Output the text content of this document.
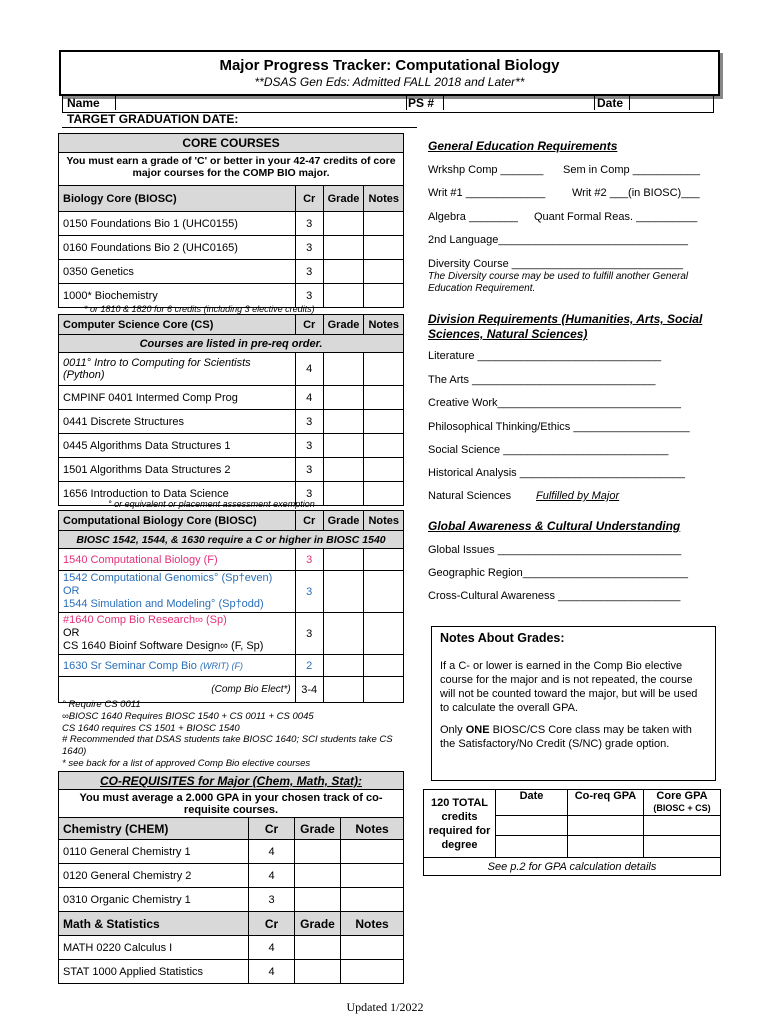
Major Progress Tracker: Computational Biology
**DSAS Gen Eds: Admitted FALL 2018 and Later**
Name	PS #	Date
TARGET GRADUATION DATE:
CORE COURSES
You must earn a grade of 'C' or better in your 42-47 credits of core major courses for the COMP BIO major.
Biology Core (BIOSC)	Cr	Grade	Notes
0150 Foundations Bio 1 (UHC0155)	3		
0160 Foundations Bio 2 (UHC0165)	3		
0350 Genetics	3		
1000* Biochemistry	3		
* or 1810 & 1820 for 6 credits (including 3 elective credits)
Computer Science Core (CS)	Cr	Grade	Notes
Courses are listed in pre-req order.			
0011° Intro to Computing for Scientists (Python)	4		
CMPINF 0401 Intermed Comp Prog	4		
0441 Discrete Structures	3		
0445 Algorithms Data Structures 1	3		
1501 Algorithms Data Structures 2	3		
1656 Introduction to Data Science	3		
° or equivalent or placement assessment exemption
Computational Biology Core (BIOSC)	Cr	Grade	Notes
BIOSC 1542, 1544, & 1630 require a C or higher in BIOSC 1540			
1540 Computational Biology (F)	3		
1542 Computational Genomics° (Sp†even)
OR
1544 Simulation and Modeling° (Sp†odd)	3		
#1640 Comp Bio Research∞ (Sp)
OR
CS 1640 Bioinf Software Design∞ (F, Sp)	3		
1630 Sr Seminar Comp Bio (WRIT) (F)	2		
(Comp Bio Elect*)	3-4		
° Require CS 0011
∞BIOSC 1640 Requires BIOSC 1540 + CS 0011 + CS 0045
CS 1640 requires CS 1501 + BIOSC 1540
# Recommended that DSAS students take BIOSC 1640; SCI students take CS 1640)
* see back for a list of approved Comp Bio elective courses
CO-REQUISITES for Major (Chem, Math, Stat):
You must average a 2.000 GPA in your chosen track of co-requisite courses.
Chemistry (CHEM)	Cr	Grade	Notes
0110 General Chemistry 1	4		
0120 General Chemistry 2	4		
0310 Organic Chemistry 1	3		
Math & Statistics	Cr	Grade	Notes
MATH 0220 Calculus I	4		
STAT 1000 Applied Statistics	4		
General Education Requirements
Wrkshp Comp _______ Sem in Comp ___________
Writ #1 _____________ Writ #2 ___(in BIOSC)___
Algebra ________ Quant Formal Reas. __________
2nd Language_______________________________
Diversity Course ____________________________
The Diversity course may be used to fulfill another General Education Requirement.
Division Requirements (Humanities, Arts, Social Sciences, Natural Sciences)
Literature ______________________________
The Arts ______________________________
Creative Work______________________________
Philosophical Thinking/Ethics ___________________
Social Science ___________________________
Historical Analysis ___________________________
Natural Sciences Fulfilled by Major
Global Awareness & Cultural Understanding
Global Issues ______________________________
Geographic Region___________________________
Cross-Cultural Awareness ____________________
Notes About Grades:
If a C- or lower is earned in the Comp Bio elective course for the major and is not repeated, the course will not be counted toward the major, but will be used to calculate the overall GPA.
Only ONE BIOSC/CS Core class may be taken with the Satisfactory/No Credit (S/NC) grade option.
120 TOTAL credits required for degree	Date	Co-req GPA	Core GPA
(BIOSC + CS)

See p.2 for GPA calculation details			
Updated 1/2022
